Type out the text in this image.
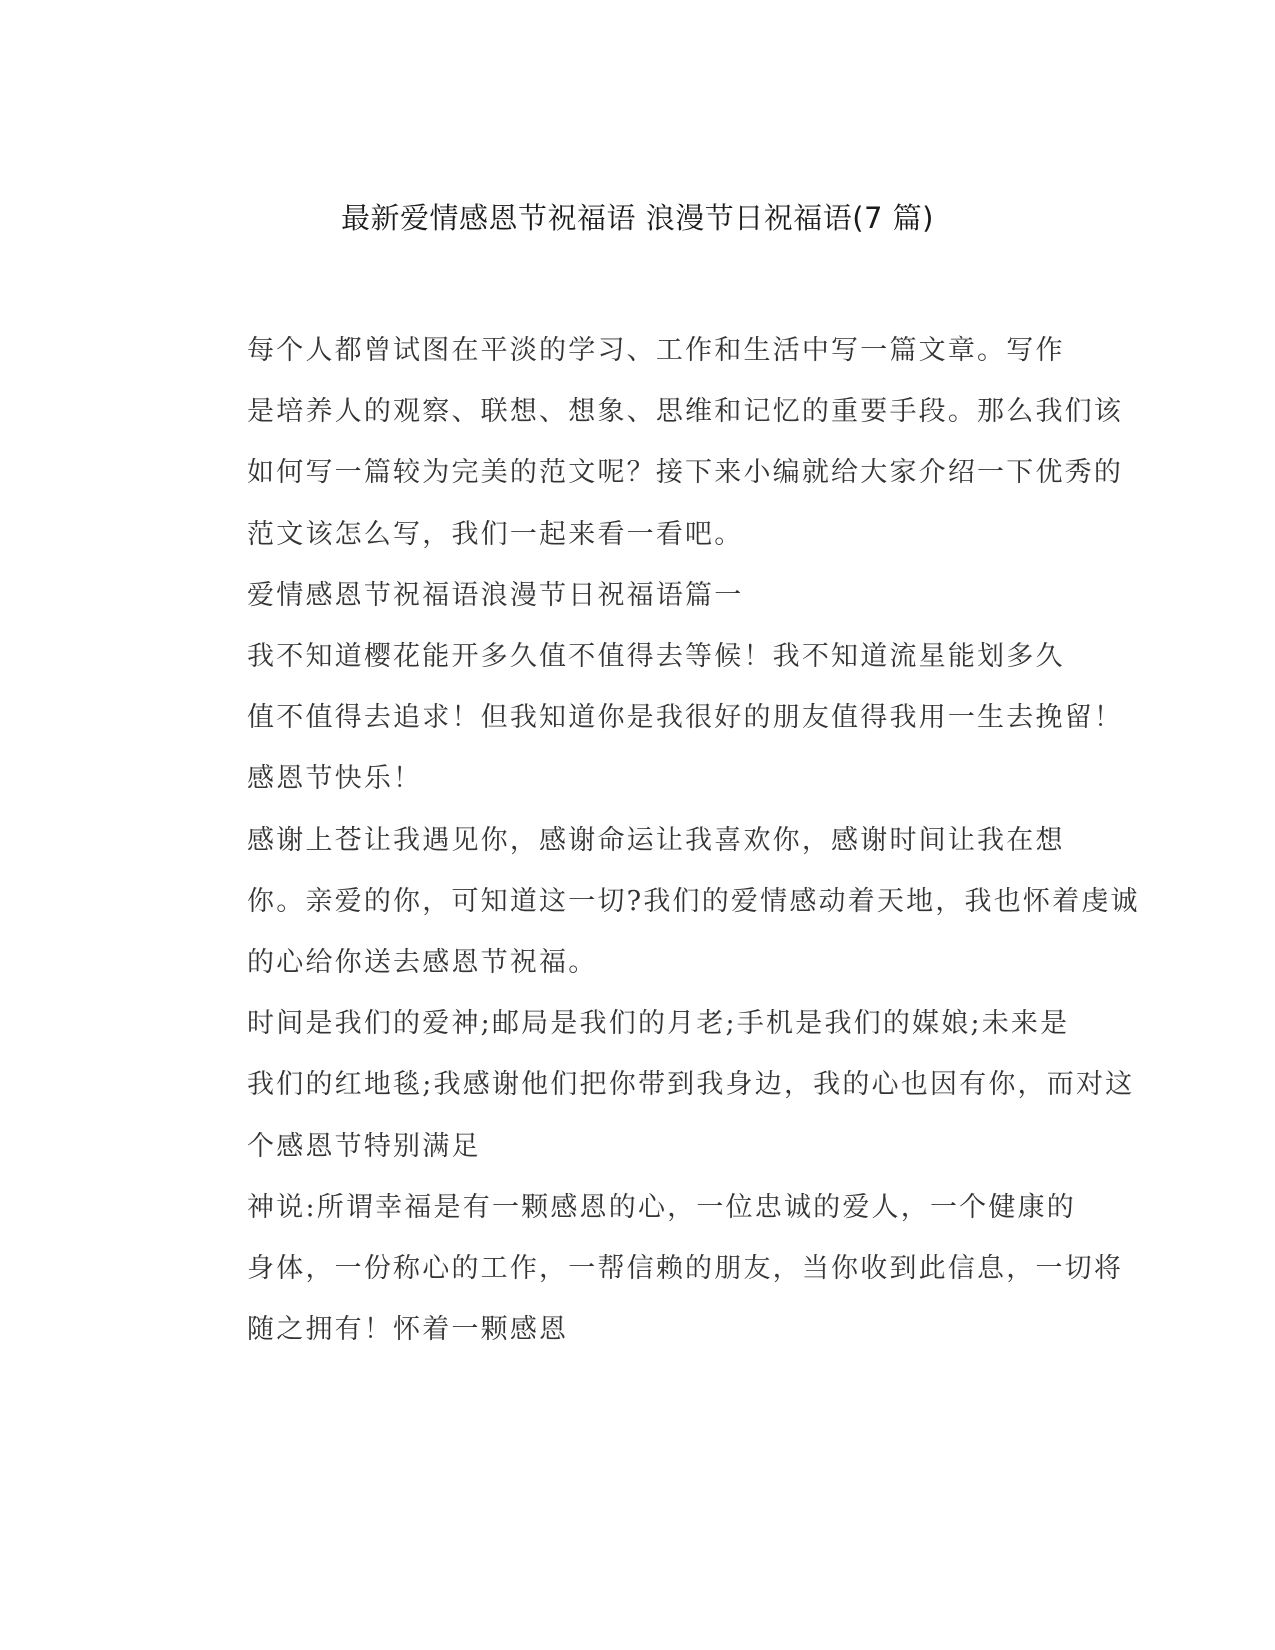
最新爱情感恩节祝福语 浪漫节日祝福语(7 篇)

每个人都曾试图在平淡的学习、工作和生活中写一篇文章。写作
是培养人的观察、联想、想象、思维和记忆的重要手段。那么我们该
如何写一篇较为完美的范文呢？接下来小编就给大家介绍一下优秀的
范文该怎么写，我们一起来看一看吧。

爱情感恩节祝福语浪漫节日祝福语篇一

我不知道樱花能开多久值不值得去等候！我不知道流星能划多久
值不值得去追求！但我知道你是我很好的朋友值得我用一生去挽留！
感恩节快乐！

感谢上苍让我遇见你，感谢命运让我喜欢你，感谢时间让我在想
你。亲爱的你，可知道这一切?我们的爱情感动着天地，我也怀着虔诚
的心给你送去感恩节祝福。

时间是我们的爱神;邮局是我们的月老;手机是我们的媒娘;未来是
我们的红地毯;我感谢他们把你带到我身边，我的心也因有你，而对这
个感恩节特别满足

神说:所谓幸福是有一颗感恩的心，一位忠诚的爱人，一个健康的
身体，一份称心的工作，一帮信赖的朋友，当你收到此信息，一切将
随之拥有！怀着一颗感恩
